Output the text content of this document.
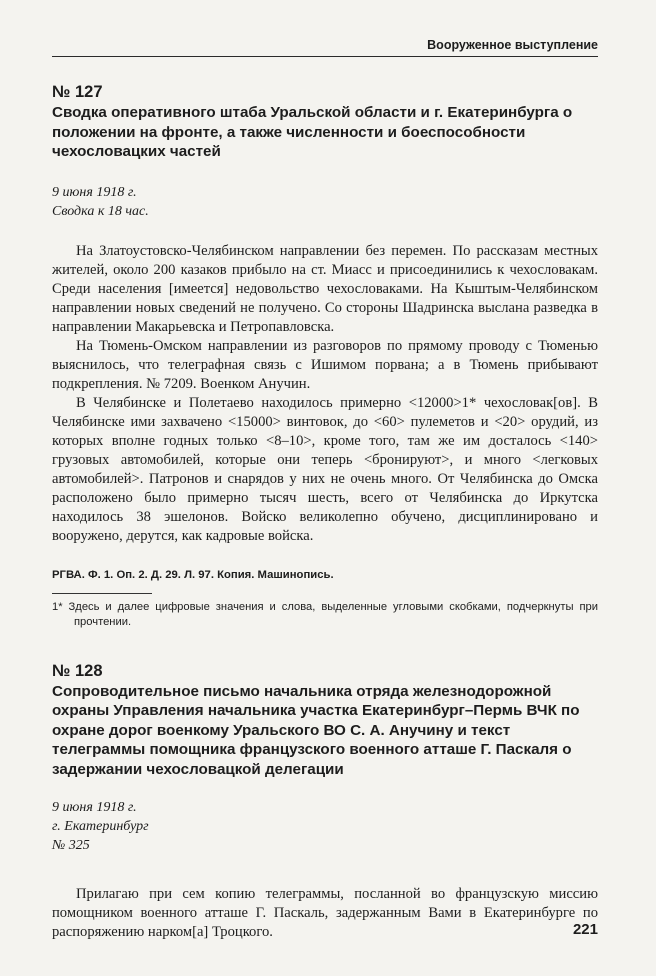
Вооруженное выступление
№ 127
Сводка оперативного штаба Уральской области и г. Екатеринбурга о положении на фронте, а также численности и боеспособности чехословацких частей
9 июня 1918 г.
Сводка к 18 час.

На Златоустовско-Челябинском направлении без перемен. По рассказам местных жителей, около 200 казаков прибыло на ст. Миасс и присоединились к чехословакам. Среди населения [имеется] недовольство чехословаками. На Кыштым-Челябинском направлении новых сведений не получено. Со стороны Шадринска выслана разведка в направлении Макарьевска и Петропавловска.

На Тюмень-Омском направлении из разговоров по прямому проводу с Тюменью выяснилось, что телеграфная связь с Ишимом порвана; а в Тюмень прибывают подкрепления. № 7209. Военком Анучин.

В Челябинске и Полетаево находилось примерно <12000>1* чехословак[ов]. В Челябинске ими захвачено <15000> винтовок, до <60> пулеметов и <20> орудий, из которых вполне годных только <8–10>, кроме того, там же им досталось <140> грузовых автомобилей, которые они теперь <бронируют>, и много <легковых автомобилей>. Патронов и снарядов у них не очень много. От Челябинска до Омска расположено было примерно тысяч шесть, всего от Челябинска до Иркутска находилось 38 эшелонов. Войско великолепно обучено, дисциплинировано и вооружено, дерутся, как кадровые войска.

РГВА. Ф. 1. Оп. 2. Д. 29. Л. 97. Копия. Машинопись.
1* Здесь и далее цифровые значения и слова, выделенные угловыми скобками, подчеркнуты при прочтении.
№ 128
Сопроводительное письмо начальника отряда железнодорожной охраны Управления начальника участка Екатеринбург–Пермь ВЧК по охране дорог военкому Уральского ВО С. А. Анучину и текст телеграммы помощника французского военного атташе Г. Паскаля о задержании чехословацкой делегации
9 июня 1918 г.
г. Екатеринбург
№ 325

Прилагаю при сем копию телеграммы, посланной во французскую миссию помощником военного атташе Г. Паскаль, задержанным Вами в Екатеринбурге по распоряжению нарком[а] Троцкого.	221
